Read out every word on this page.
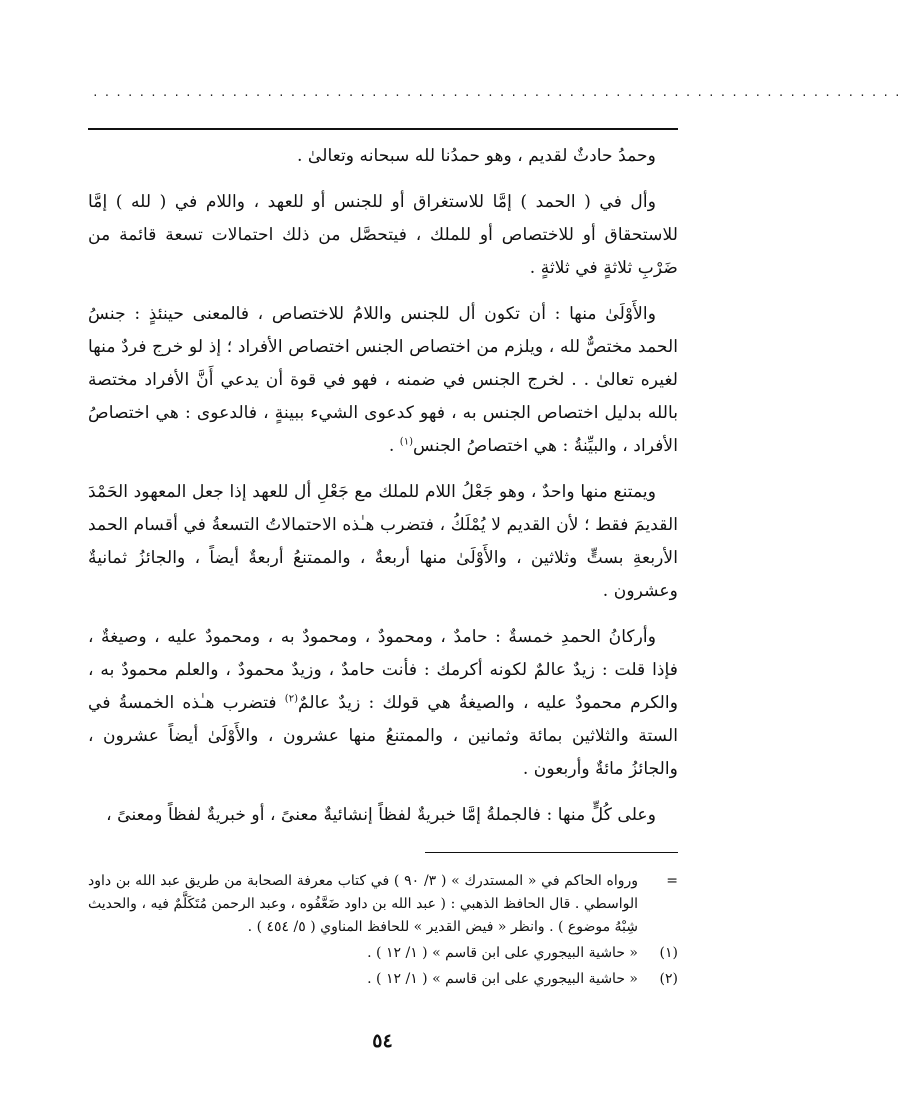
......................................................................

وحمدُ حادثٌ لقديم ، وهو حمدُنا لله سبحانه وتعالىٰ .

وأل في ( الحمد ) إمَّا للاستغراق أو للجنس أو للعهد ، واللام في ( لله ) إمَّا للاستحقاق أو للاختصاص أو للملك ، فيتحصَّل من ذلك احتمالات تسعة قائمة من ضَرْبِ ثلاثةٍ في ثلاثةٍ .

والأَوْلَىٰ منها : أن تكون أل للجنس واللامُ للاختصاص ، فالمعنى حينئذٍ : جنسُ الحمد مختصٌّ لله ، ويلزم من اختصاص الجنس اختصاص الأفراد ؛ إذ لو خرج فردٌ منها لغيره تعالىٰ . . لخرج الجنس في ضمنه ، فهو في قوة أن يدعي أَنَّ الأفراد مختصة بالله بدليل اختصاص الجنس به ، فهو كدعوى الشيء ببينةٍ ، فالدعوى : هي اختصاصُ الأفراد ، والبيِّنةُ : هي اختصاصُ الجنس$^{(١)}$ .

ويمتنع منها واحدٌ ، وهو جَعْلُ اللام للملك مع جَعْلِ أل للعهد إذا جعل المعهود الحَمْدَ القديمَ فقط ؛ لأن القديم لا يُمْلَكُ ، فتضرب هـٰذه الاحتمالاتُ التسعةُ في أقسام الحمد الأربعةِ بستٍّ وثلاثين ، والأَوْلَىٰ منها أربعةٌ ، والممتنعُ أربعةٌ أيضاً ، والجائزُ ثمانيةٌ وعشرون .

وأركانُ الحمدِ خمسةٌ : حامدٌ ، ومحمودٌ ، ومحمودٌ به ، ومحمودٌ عليه ، وصيغةٌ ، فإذا قلت : زيدٌ عالمٌ لكونه أكرمك : فأنت حامدٌ ، وزيدٌ محمودٌ ، والعلم محمودٌ به ، والكرم محمودٌ عليه ، والصيغةُ هي قولك : زيدٌ عالمٌ$^{(٢)}$ فتضرب هـٰذه الخمسةُ في الستة والثلاثين بمائة وثمانين ، والممتنعُ منها عشرون ، والأَوْلَىٰ أيضاً عشرون ، والجائزُ مائةٌ وأربعون .

وعلى كُلٍّ منها : فالجملةُ إمَّا خبريةٌ لفظاً إنشائيةٌ معنىً ، أو خبريةٌ لفظاً ومعنىً ،

=
ورواه الحاكم في « المستدرك » ( ٣/ ٩٠ ) في كتاب معرفة الصحابة من طريق عبد الله بن داود الواسطي . قال الحافظ الذهبي : ( عبد الله بن داود ضَعَّفُوه ، وعبد الرحمن مُتَكَلَّمٌ فيه ، والحديث شِبْهُ موضوع ) . وانظر « فيض القدير » للحافظ المناوي ( ٥/ ٤٥٤ ) .
(١)
« حاشية البيجوري على ابن قاسم » ( ١/ ١٢ ) .
(٢)
« حاشية البيجوري على ابن قاسم » ( ١/ ١٢ ) .
٥٤
